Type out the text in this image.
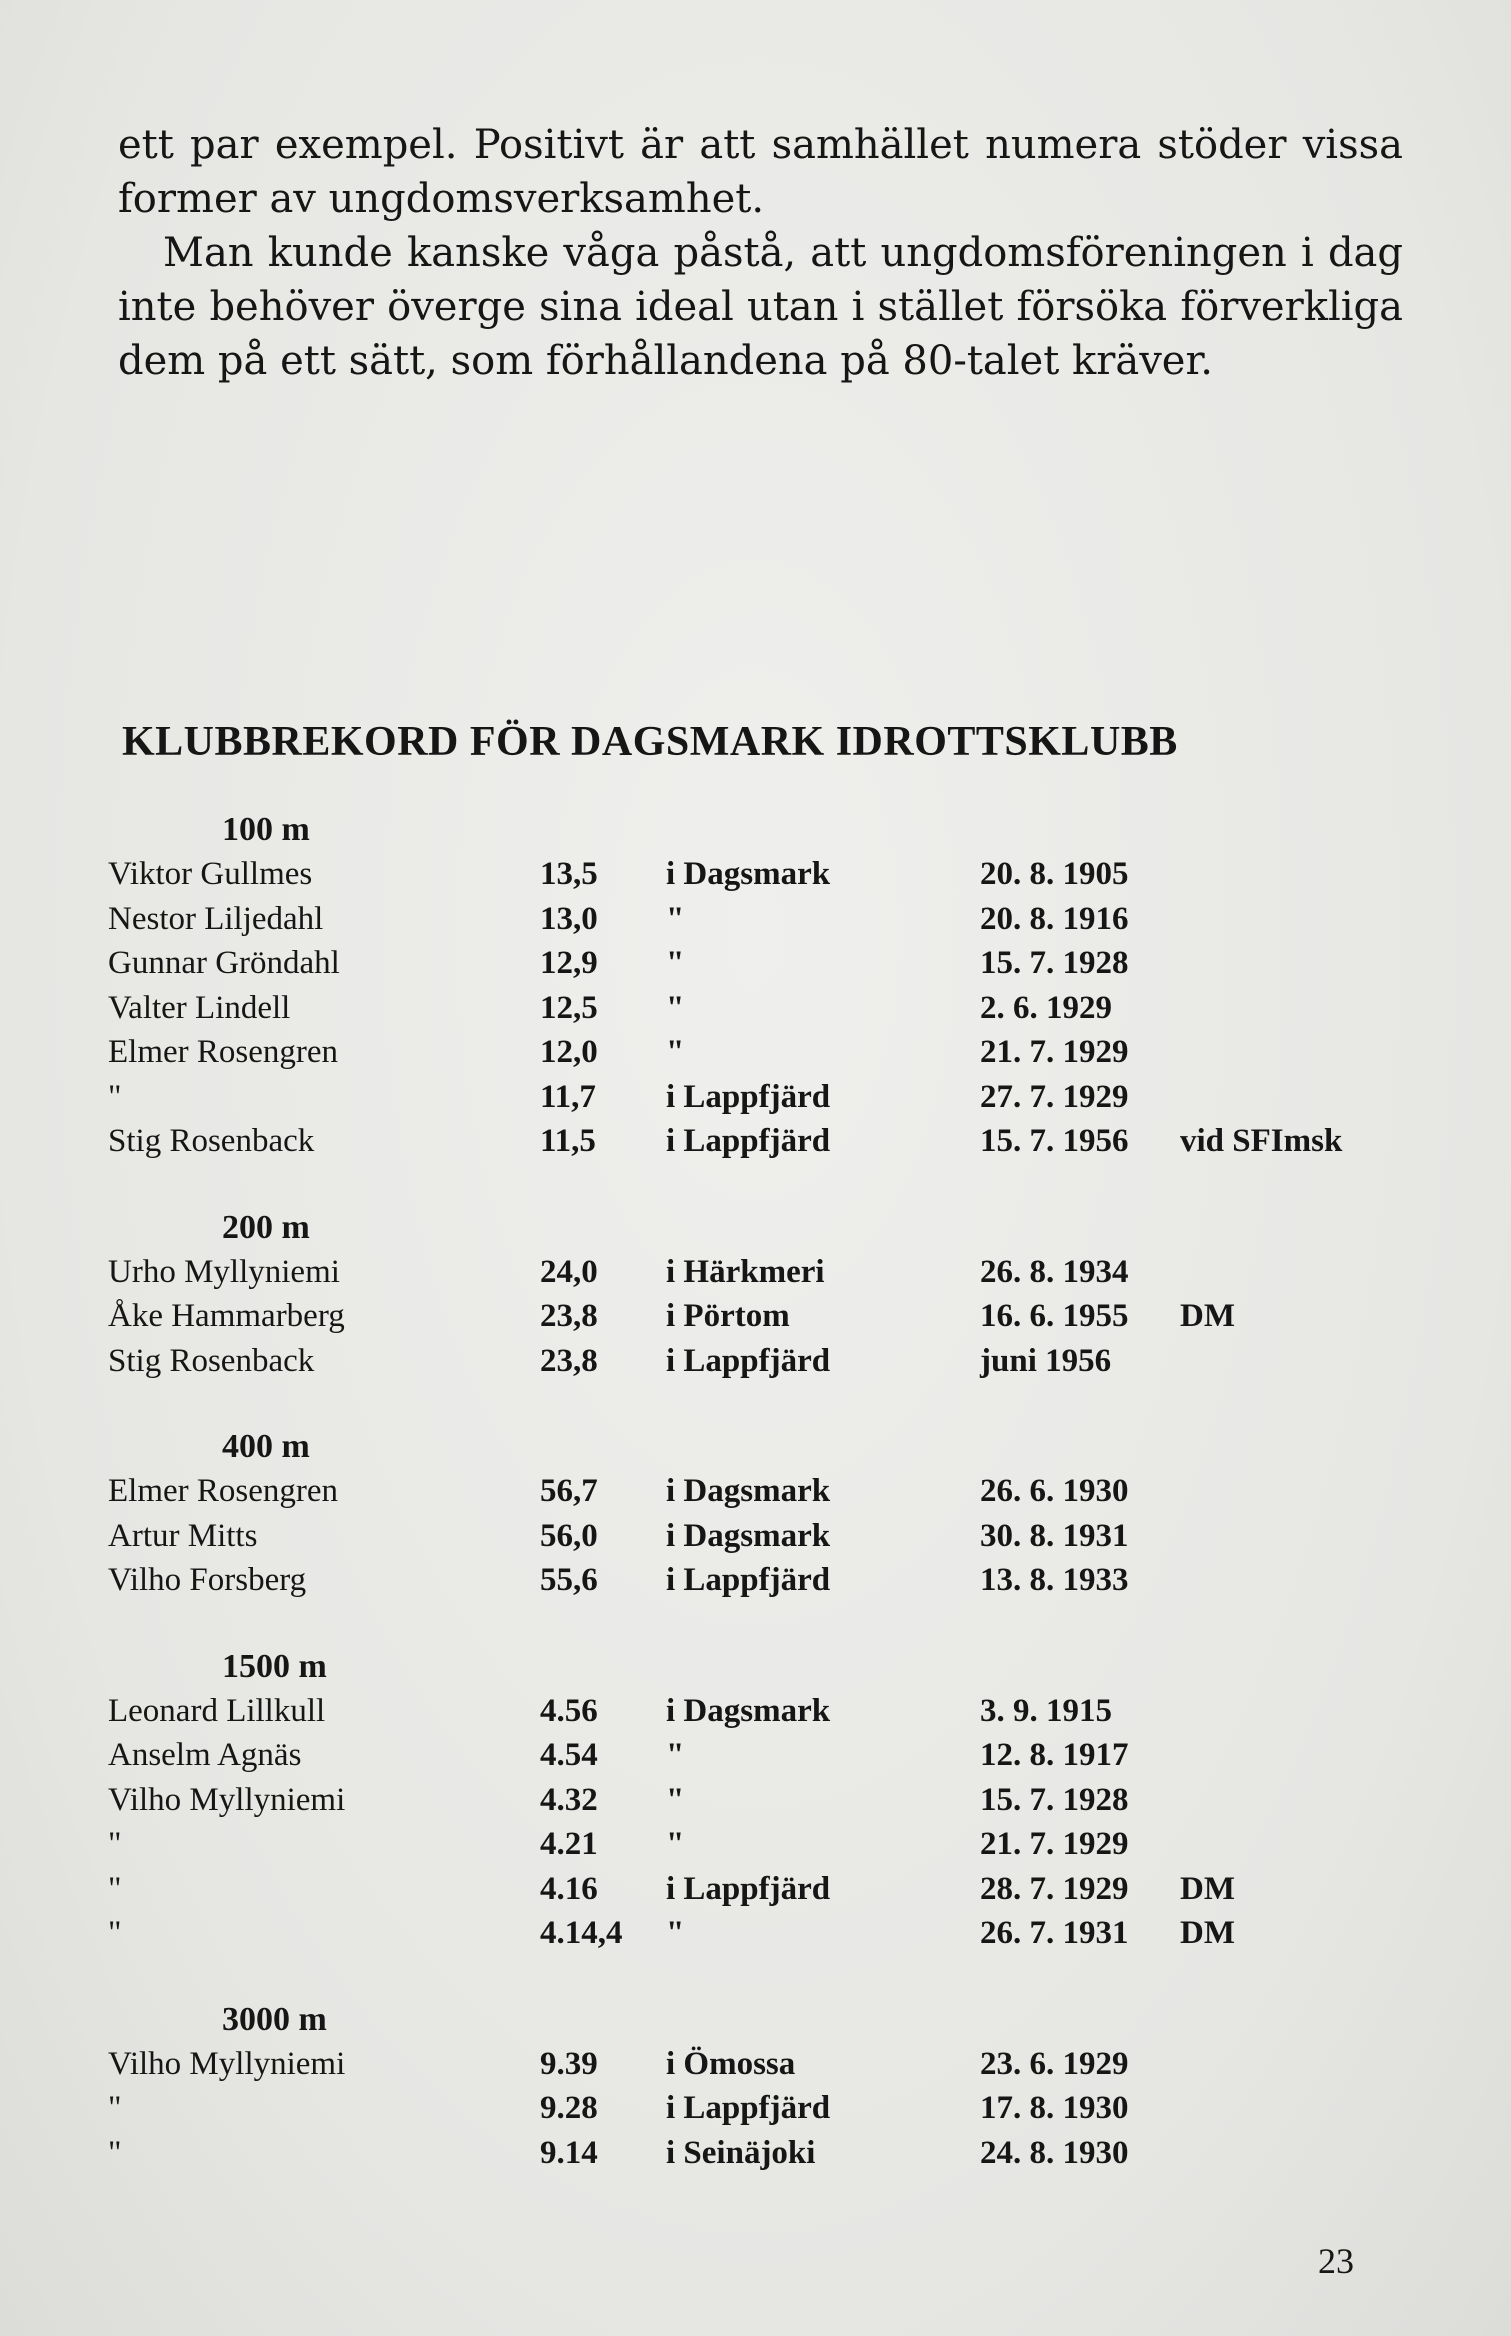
ett par exempel. Positivt är att samhället numera stöder vissa former av ungdomsverksamhet.

Man kunde kanske våga påstå, att ungdomsföreningen i dag inte behöver överge sina ideal utan i stället försöka förverkliga dem på ett sätt, som förhållandena på 80-talet kräver.

KLUBBREKORD FÖR DAGSMARK IDROTTSKLUBB
100 m
Viktor Gullmes	13,5 i Dagsmark	20. 8. 1905
Nestor Liljedahl	13,0 "	20. 8. 1916
Gunnar Gröndahl	12,9 "	15. 7. 1928
Valter Lindell	12,5 "	2. 6. 1929
Elmer Rosengren	12,0 "	21. 7. 1929
"	11,7 i Lappfjärd	27. 7. 1929
Stig Rosenback	11,5 i Lappfjärd	15. 7. 1956 vid SFImsk
200 m
Urho Myllyniemi	24,0 i Härkmeri	26. 8. 1934
Åke Hammarberg	23,8 i Pörtom	16. 6. 1955 DM
Stig Rosenback	23,8 i Lappfjärd	juni 1956
400 m
Elmer Rosengren	56,7 i Dagsmark	26. 6. 1930
Artur Mitts	56,0 i Dagsmark	30. 8. 1931
Vilho Forsberg	55,6 i Lappfjärd	13. 8. 1933
1500 m
Leonard Lillkull	4.56 i Dagsmark	3. 9. 1915
Anselm Agnäs	4.54 "	12. 8. 1917
Vilho Myllyniemi	4.32 "	15. 7. 1928
"	4.21 "	21. 7. 1929
"	4.16 i Lappfjärd	28. 7. 1929 DM
"	4.14,4 "	26. 7. 1931 DM
3000 m
Vilho Myllyniemi	9.39 i Ömossa	23. 6. 1929
"	9.28 i Lappfjärd	17. 8. 1930
"	9.14 i Seinäjoki	24. 8. 1930
23
